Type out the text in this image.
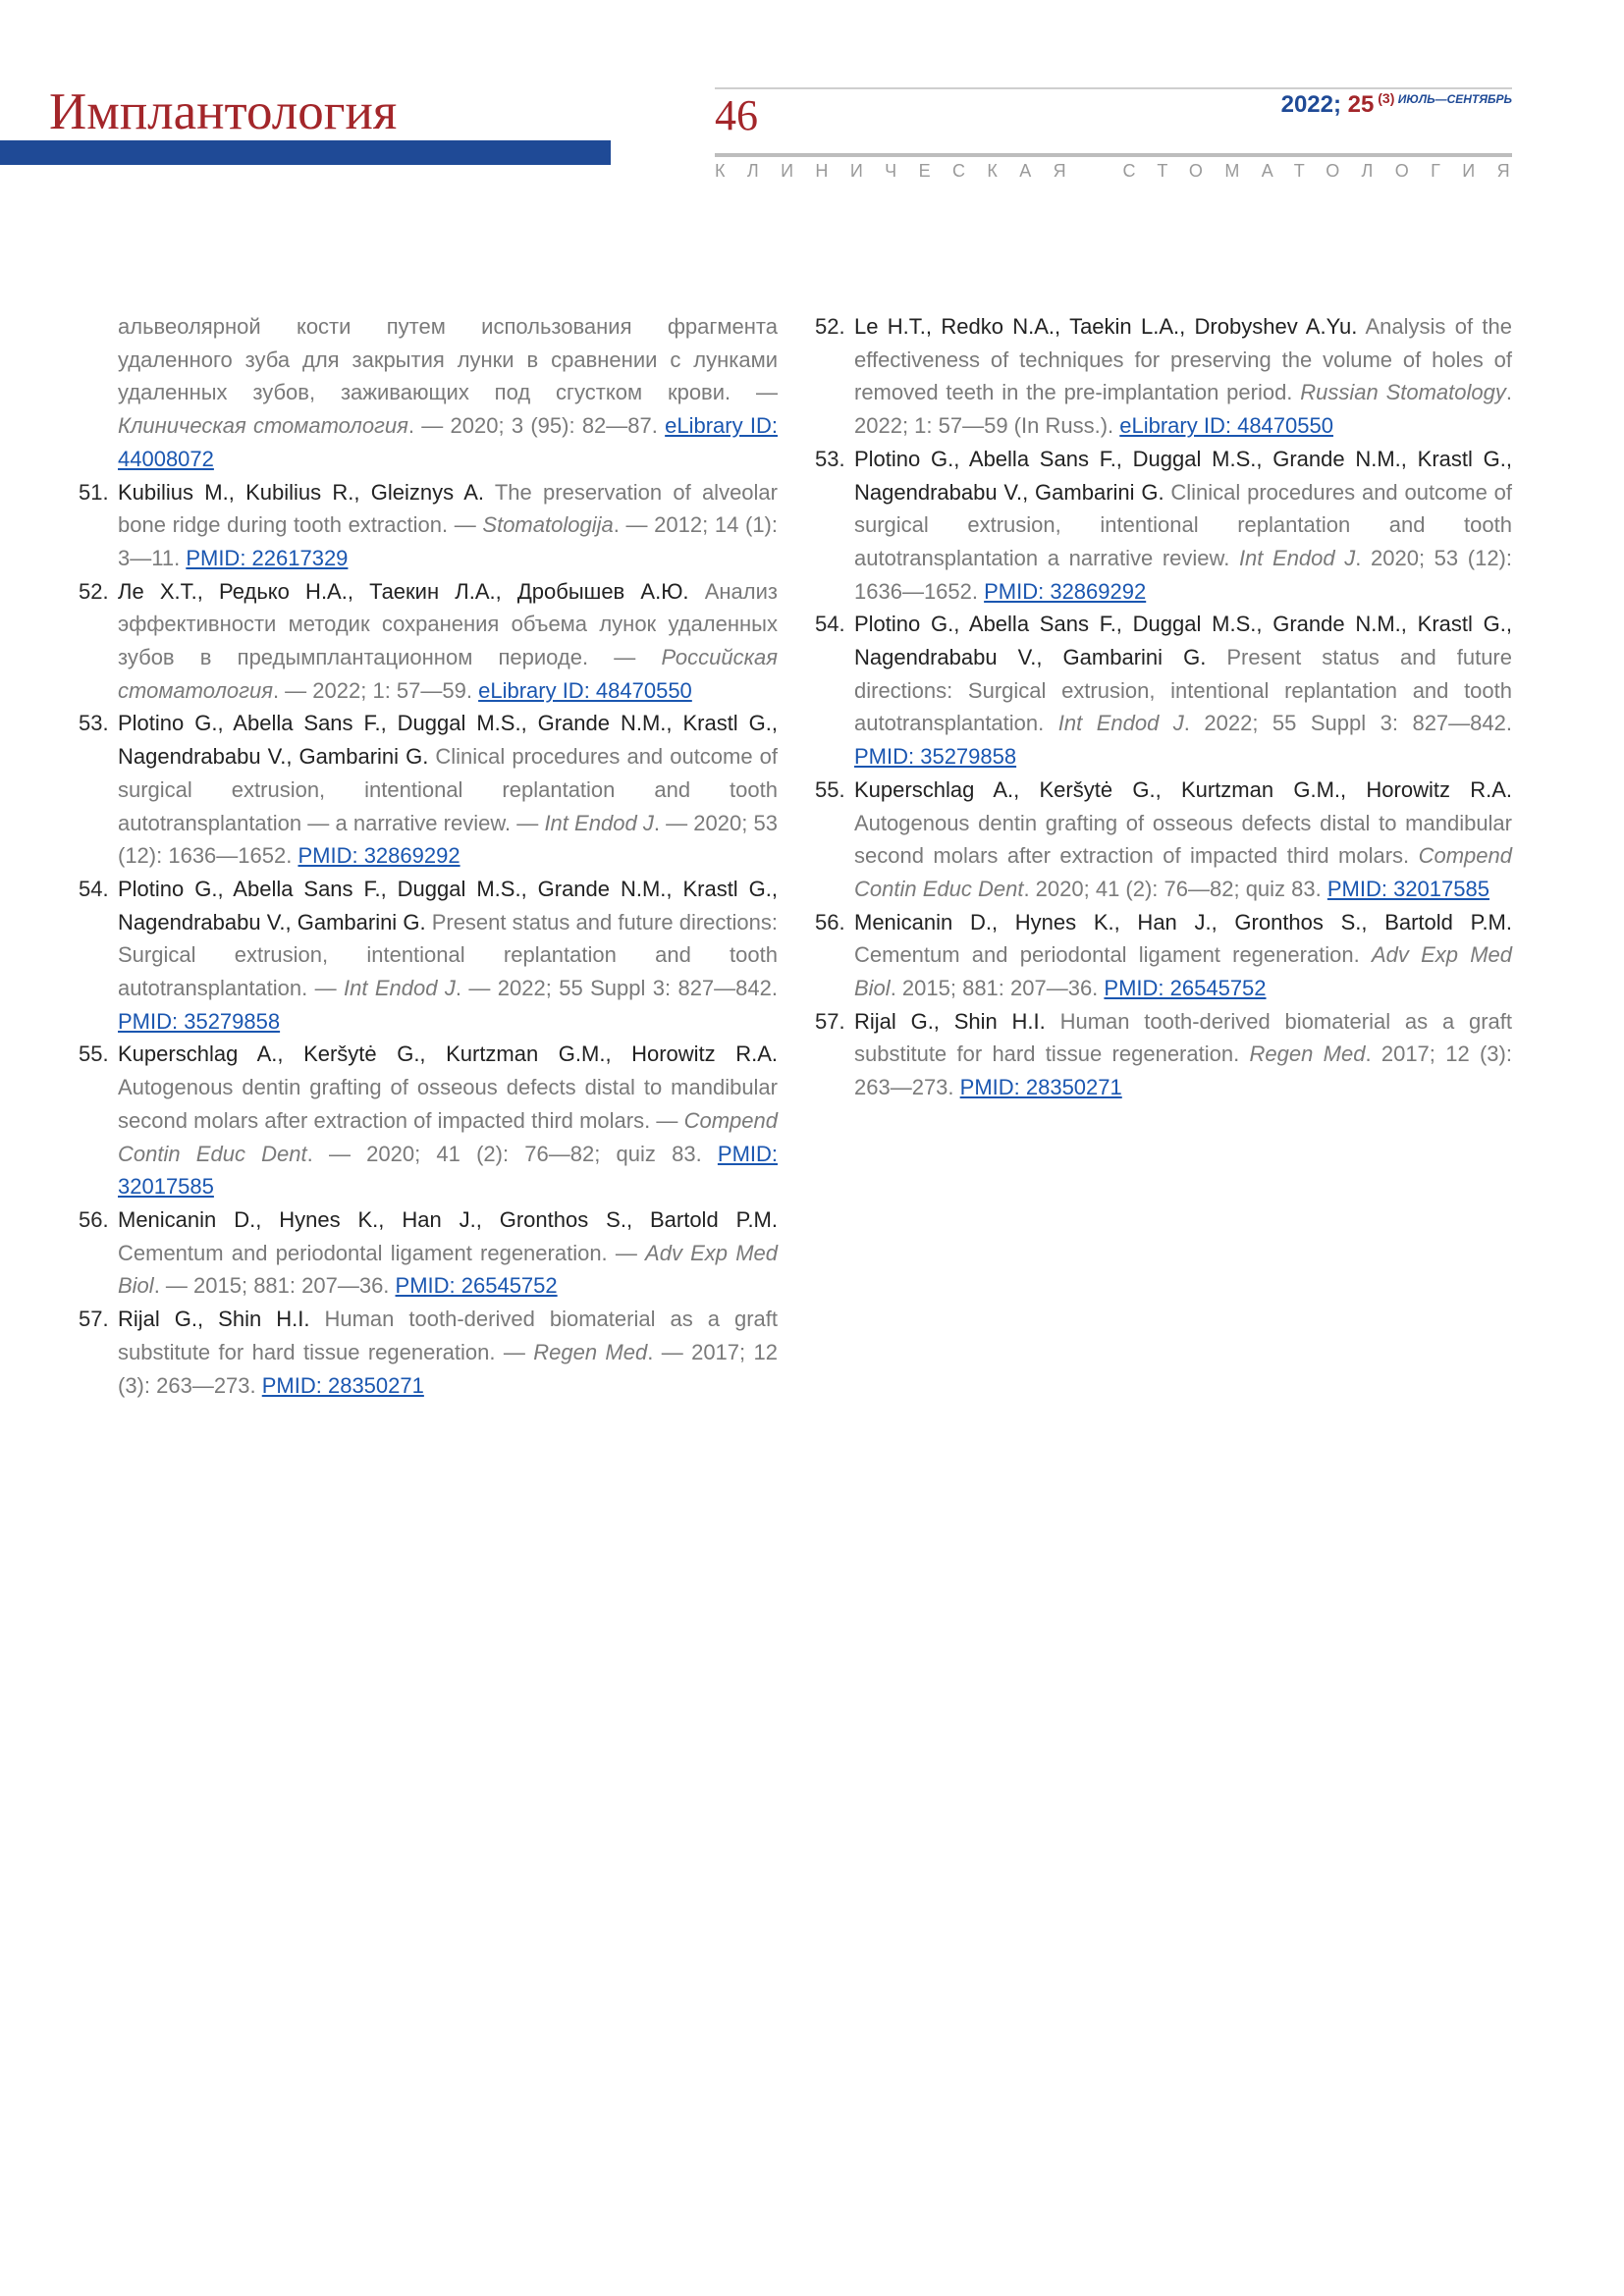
Имплантология	46	2022; 25 (3) $^{ИЮЛЬ—СЕНТЯБРЬ}$
КЛИНИЧЕСКАЯ СТОМАТОЛОГИЯ

альвеолярной кости путем использования фрагмента удаленного зуба для закрытия лунки в сравнении с лунками удаленных зубов, заживающих под сгустком крови. — Клиническая стоматология. — 2020; 3 (95): 82—87. eLibrary ID: 44008072

51. Kubilius M., Kubilius R., Gleiznys A. The preservation of alveolar bone ridge during tooth extraction. — Stomatologija. — 2012; 14 (1): 3—11. PMID: 22617329

52. Ле Х.Т., Редько Н.А., Таекин Л.А., Дробышев А.Ю. Анализ эффективности методик сохранения объема лунок удаленных зубов в предымплантационном периоде. — Российская стоматология. — 2022; 1: 57—59. eLibrary ID: 48470550

53. Plotino G., Abella Sans F., Duggal M.S., Grande N.M., Krastl G., Nagendrababu V., Gambarini G. Clinical procedures and outcome of surgical extrusion, intentional replantation and tooth autotransplantation — a narrative review. — Int Endod J. — 2020; 53 (12): 1636—1652. PMID: 32869292

54. Plotino G., Abella Sans F., Duggal M.S., Grande N.M., Krastl G., Nagendrababu V., Gambarini G. Present status and future directions: Surgical extrusion, intentional replantation and tooth autotransplantation. — Int Endod J. — 2022; 55 Suppl 3: 827—842. PMID: 35279858

55. Kuperschlag A., Keršytė G., Kurtzman G.M., Horowitz R.A. Autogenous dentin grafting of osseous defects distal to mandibular second molars after extraction of impacted third molars. — Compend Contin Educ Dent. — 2020; 41 (2): 76—82; quiz 83. PMID: 32017585

56. Menicanin D., Hynes K., Han J., Gronthos S., Bartold P.M. Cementum and periodontal ligament regeneration. — Adv Exp Med Biol. — 2015; 881: 207—36. PMID: 26545752

57. Rijal G., Shin H.I. Human tooth-derived biomaterial as a graft substitute for hard tissue regeneration. — Regen Med. — 2017; 12 (3): 263—273. PMID: 28350271

52. Le H.T., Redko N.A., Taekin L.A., Drobyshev A.Yu. Analysis of the effectiveness of techniques for preserving the volume of holes of removed teeth in the pre-implantation period. Russian Stomatology. 2022; 1: 57—59 (In Russ.). eLibrary ID: 48470550

53. Plotino G., Abella Sans F., Duggal M.S., Grande N.M., Krastl G., Nagendrababu V., Gambarini G. Clinical procedures and outcome of surgical extrusion, intentional replantation and tooth autotransplantation a narrative review. Int Endod J. 2020; 53 (12): 1636—1652. PMID: 32869292

54. Plotino G., Abella Sans F., Duggal M.S., Grande N.M., Krastl G., Nagendrababu V., Gambarini G. Present status and future directions: Surgical extrusion, intentional replantation and tooth autotransplantation. Int Endod J. 2022; 55 Suppl 3: 827—842. PMID: 35279858

55. Kuperschlag A., Keršytė G., Kurtzman G.M., Horowitz R.A. Autogenous dentin grafting of osseous defects distal to mandibular second molars after extraction of impacted third molars. Compend Contin Educ Dent. 2020; 41 (2): 76—82; quiz 83. PMID: 32017585

56. Menicanin D., Hynes K., Han J., Gronthos S., Bartold P.M. Cementum and periodontal ligament regeneration. Adv Exp Med Biol. 2015; 881: 207—36. PMID: 26545752

57. Rijal G., Shin H.I. Human tooth-derived biomaterial as a graft substitute for hard tissue regeneration. Regen Med. 2017; 12 (3): 263—273. PMID: 28350271
